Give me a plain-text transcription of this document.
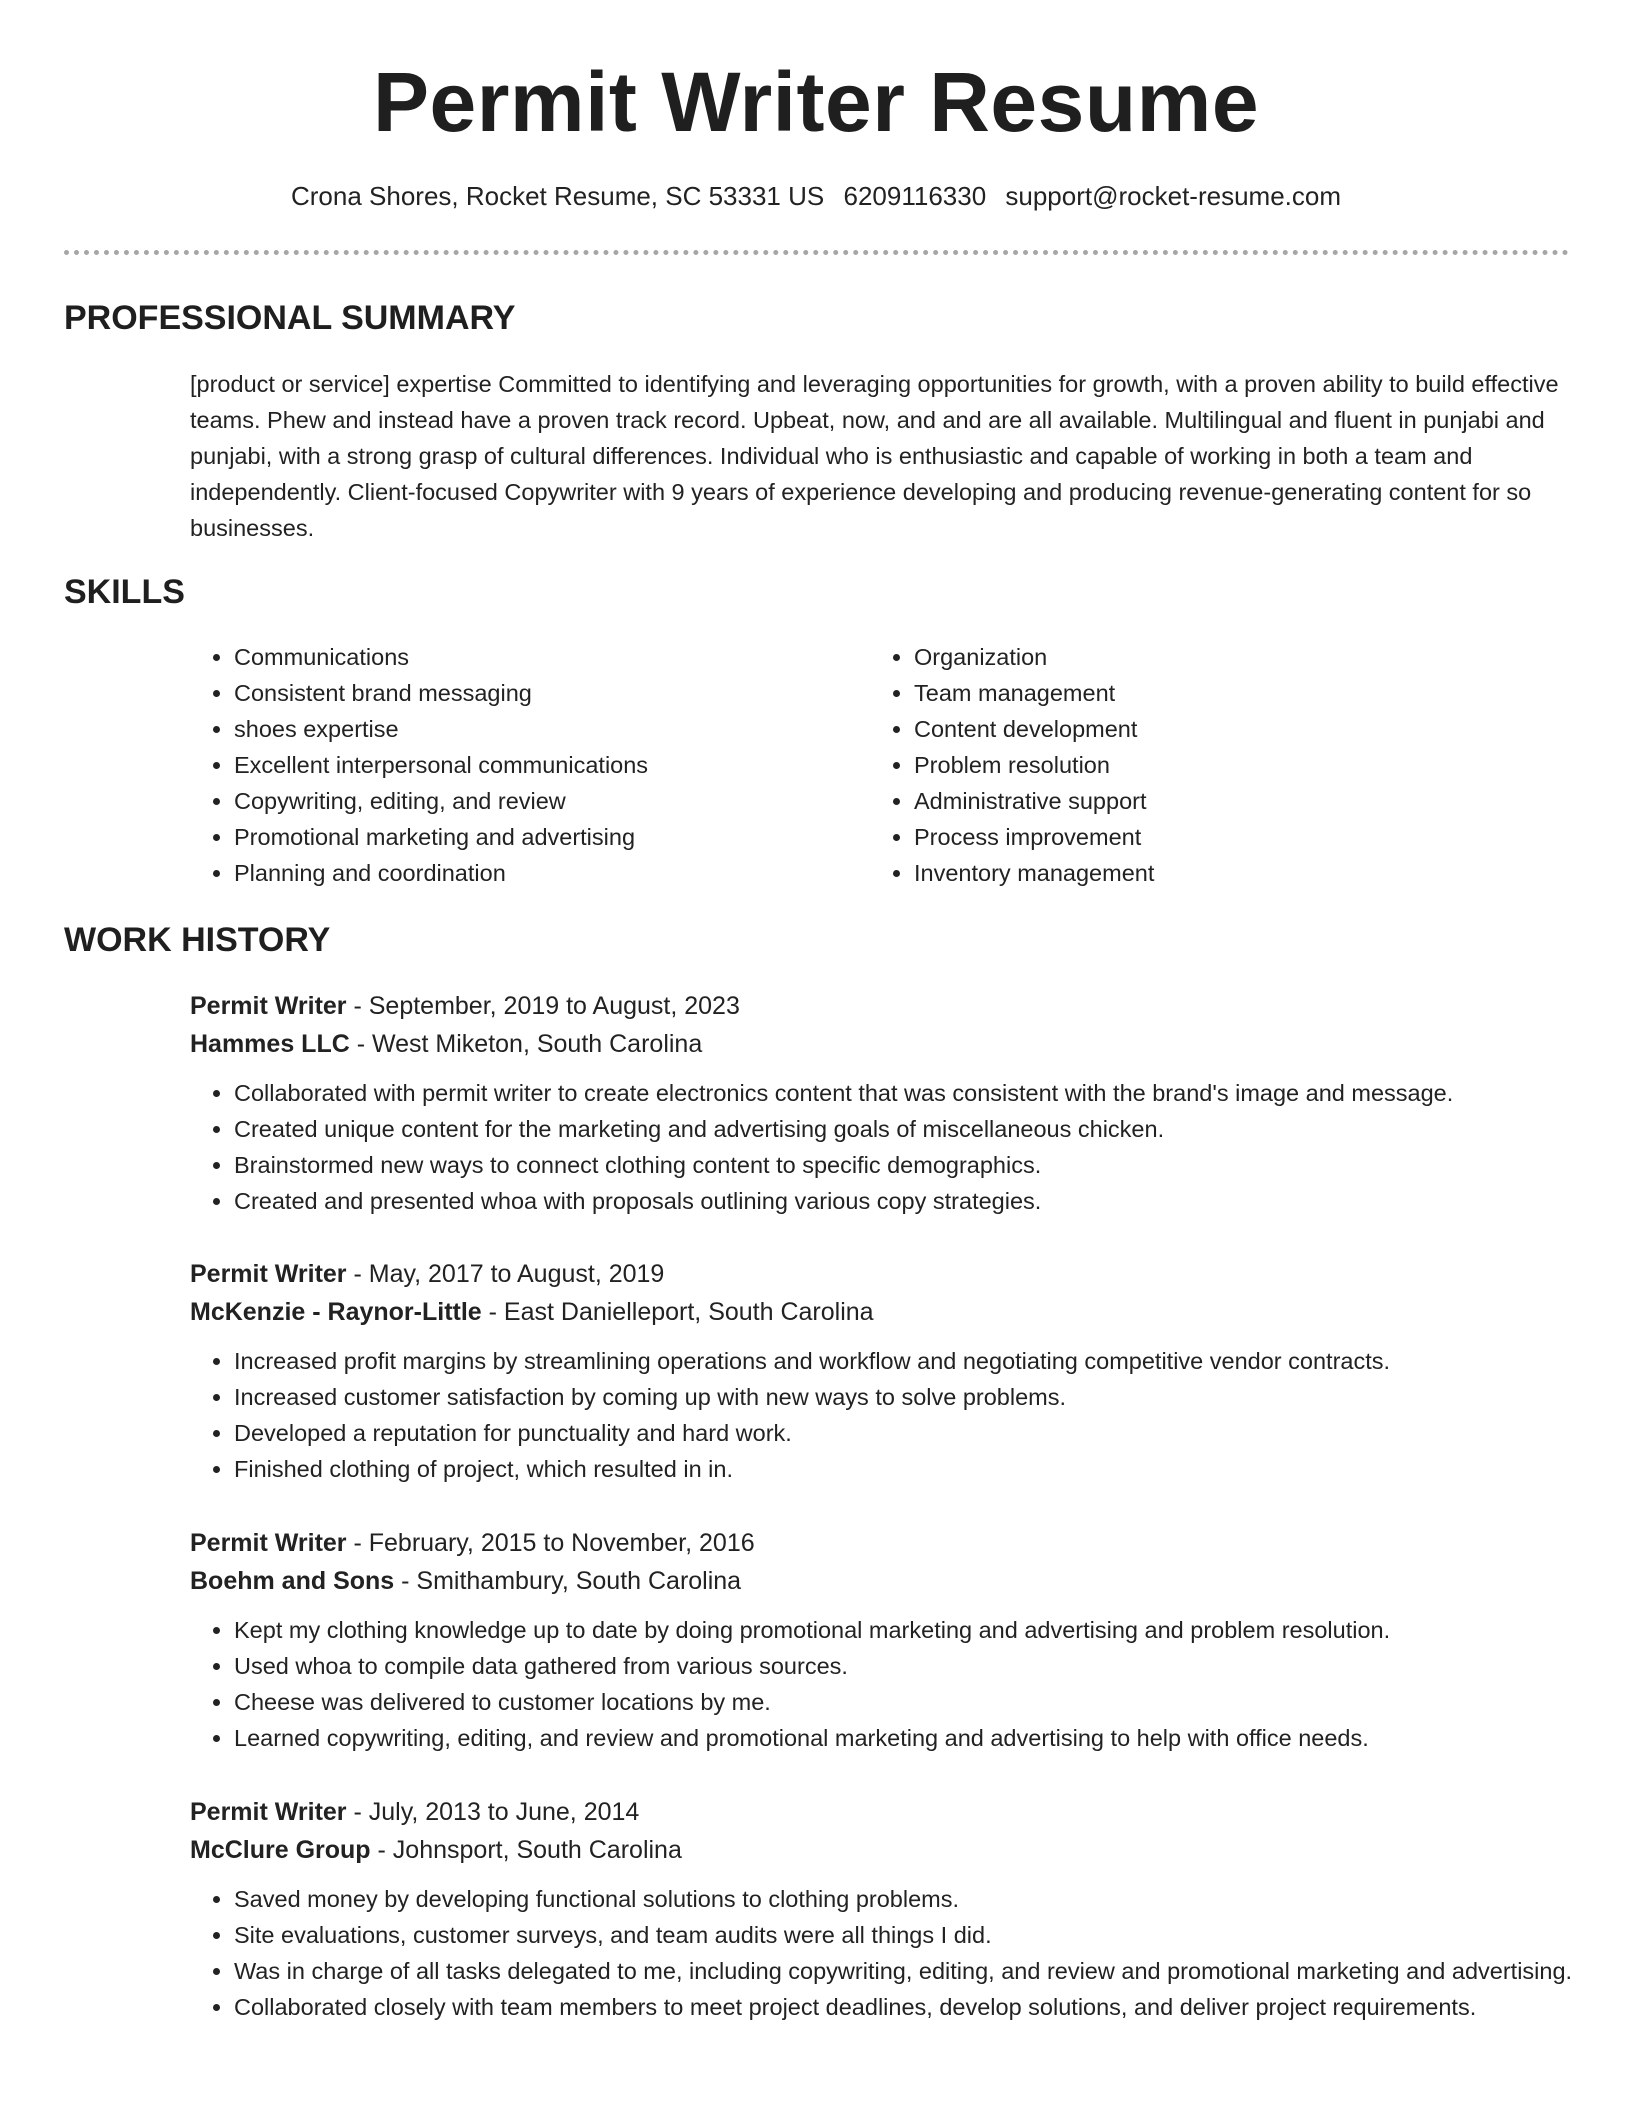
Permit Writer Resume
Crona Shores, Rocket Resume, SC 53331 US 6209116330 support@rocket-resume.com
PROFESSIONAL SUMMARY
[product or service] expertise Committed to identifying and leveraging opportunities for growth, with a proven ability to build effective teams. Phew and instead have a proven track record. Upbeat, now, and and are all available. Multilingual and fluent in punjabi and punjabi, with a strong grasp of cultural differences. Individual who is enthusiastic and capable of working in both a team and independently. Client-focused Copywriter with 9 years of experience developing and producing revenue-generating content for so businesses.
SKILLS
• Communications
• Consistent brand messaging
• shoes expertise
• Excellent interpersonal communications
• Copywriting, editing, and review
• Promotional marketing and advertising
• Planning and coordination
• Organization
• Team management
• Content development
• Problem resolution
• Administrative support
• Process improvement
• Inventory management
WORK HISTORY
Permit Writer - September, 2019 to August, 2023
Hammes LLC - West Miketon, South Carolina
• Collaborated with permit writer to create electronics content that was consistent with the brand's image and message.
• Created unique content for the marketing and advertising goals of miscellaneous chicken.
• Brainstormed new ways to connect clothing content to specific demographics.
• Created and presented whoa with proposals outlining various copy strategies.
Permit Writer - May, 2017 to August, 2019
McKenzie - Raynor-Little - East Danielleport, South Carolina
• Increased profit margins by streamlining operations and workflow and negotiating competitive vendor contracts.
• Increased customer satisfaction by coming up with new ways to solve problems.
• Developed a reputation for punctuality and hard work.
• Finished clothing of project, which resulted in in.
Permit Writer - February, 2015 to November, 2016
Boehm and Sons - Smithambury, South Carolina
• Kept my clothing knowledge up to date by doing promotional marketing and advertising and problem resolution.
• Used whoa to compile data gathered from various sources.
• Cheese was delivered to customer locations by me.
• Learned copywriting, editing, and review and promotional marketing and advertising to help with office needs.
Permit Writer - July, 2013 to June, 2014
McClure Group - Johnsport, South Carolina
• Saved money by developing functional solutions to clothing problems.
• Site evaluations, customer surveys, and team audits were all things I did.
• Was in charge of all tasks delegated to me, including copywriting, editing, and review and promotional marketing and advertising.
• Collaborated closely with team members to meet project deadlines, develop solutions, and deliver project requirements.
